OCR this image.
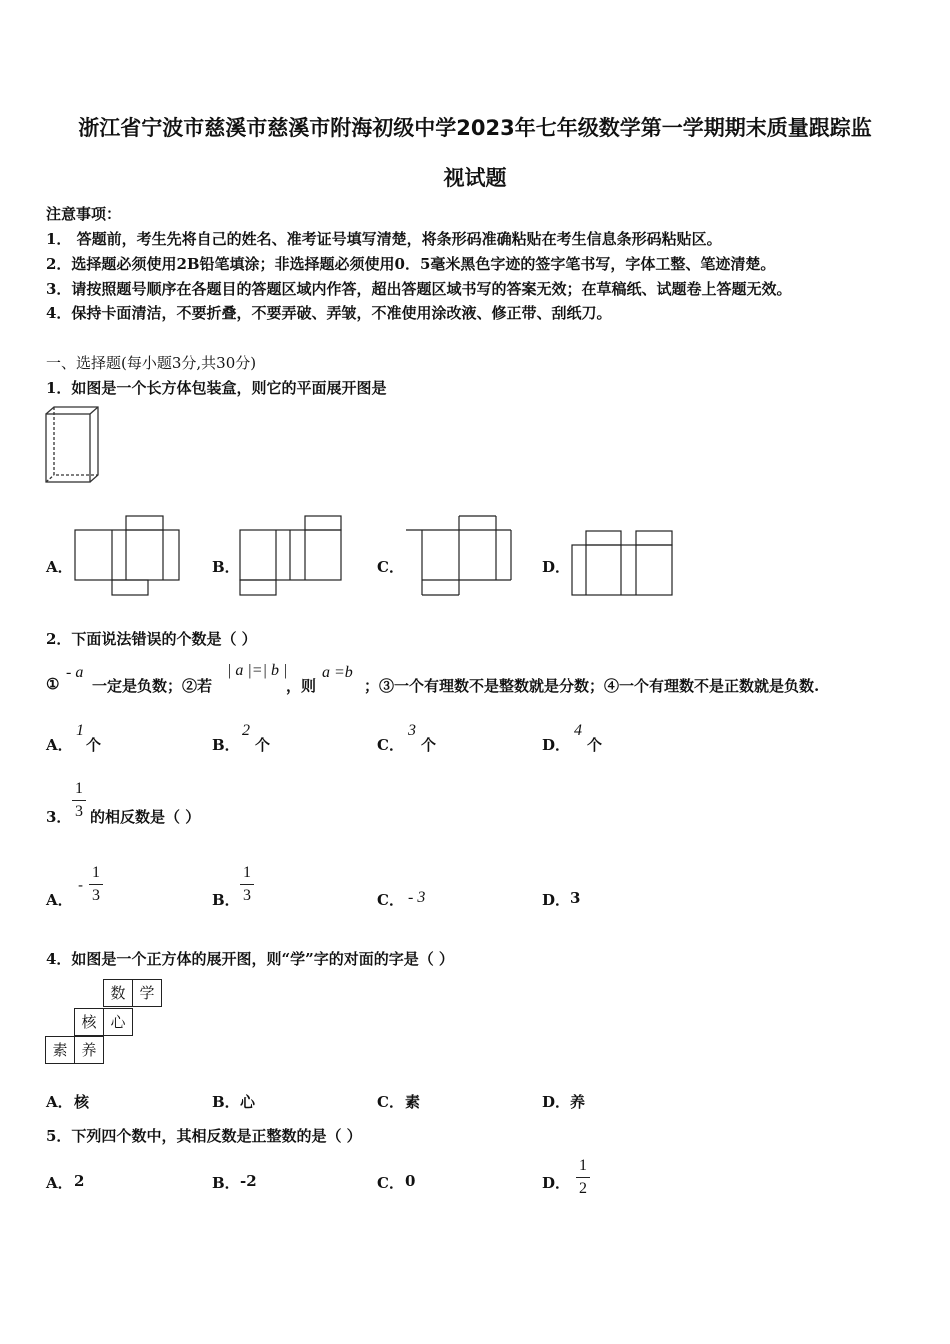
浙江省宁波市慈溪市慈溪市附海初级中学2023年七年级数学第一学期期末质量跟踪监
视试题
注意事项：
1． 答题前，考生先将自己的姓名、准考证号填写清楚，将条形码准确粘贴在考生信息条形码粘贴区。
2．选择题必须使用2B铅笔填涂；非选择题必须使用0．5毫米黑色字迹的签字笔书写，字体工整、笔迹清楚。
3．请按照题号顺序在各题目的答题区域内作答，超出答题区域书写的答案无效；在草稿纸、试题卷上答题无效。
4．保持卡面清洁，不要折叠，不要弄破、弄皱，不准使用涂改液、修正带、刮纸刀。
一、选择题(每小题3分,共30分)
1．如图是一个长方体包装盒，则它的平面展开图是
A．	B．	C．	D．
2．下面说法错误的个数是（ ）
①
- a
一定是负数；②若
| a |=| b |
，则
a =b
；③一个有理数不是整数就是分数；④一个有理数不是正数就是负数.
A．
1
个	B．
2
个	C．
3
个	D．
4
个
3．
1
3 的相反数是（ ）
A．
-
1
3	B．
1
3	C． - 3	D． 3
4．如图是一个正方体的展开图，则“学”字的对面的字是（ ）
数 学
核 心
素 养
A． 核	B． 心	C． 素	D． 养
5．下列四个数中，其相反数是正整数的是（ ）
A． 2	B． -2	C． 0	D．
1
2
